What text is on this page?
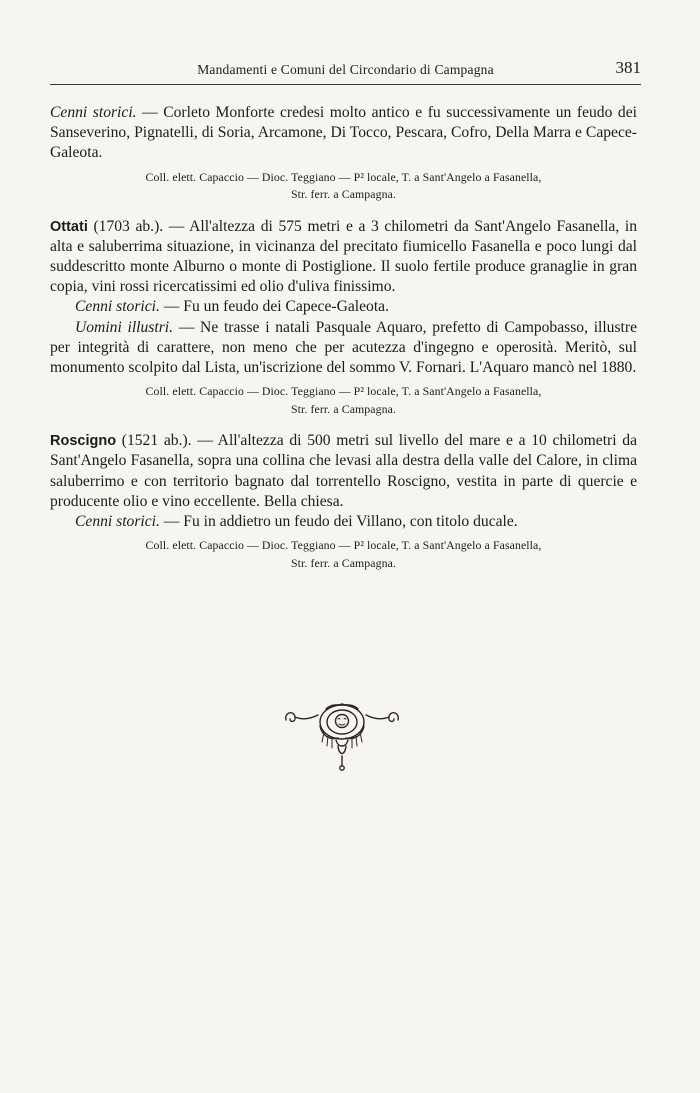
Mandamenti e Comuni del Circondario di Campagna	381

Cenni storici. — Corleto Monforte credesi molto antico e fu successivamente un feudo dei Sanseverino, Pignatelli, di Soria, Arcamone, Di Tocco, Pescara, Cofro, Della Marra e Capece-Galeota.

Coll. elett. Capaccio — Dioc. Teggiano — P² locale, T. a Sant'Angelo a Fasanella,
Str. ferr. a Campagna.

Ottati (1703 ab.). — All'altezza di 575 metri e a 3 chilometri da Sant'Angelo Fasanella, in alta e saluberrima situazione, in vicinanza del precitato fiumicello Fasanella e poco lungi dal suddescritto monte Alburno o monte di Postiglione. Il suolo fertile produce granaglie in gran copia, vini rossi ricercatissimi ed olio d'uliva finissimo.

Cenni storici. — Fu un feudo dei Capece-Galeota.

Uomini illustri. — Ne trasse i natali Pasquale Aquaro, prefetto di Campobasso, illustre per integrità di carattere, non meno che per acutezza d'ingegno e operosità. Meritò, sul monumento scolpito dal Lista, un'iscrizione del sommo V. Fornari. L'Aquaro mancò nel 1880.

Coll. elett. Capaccio — Dioc. Teggiano — P² locale, T. a Sant'Angelo a Fasanella,
Str. ferr. a Campagna.

Roscigno (1521 ab.). — All'altezza di 500 metri sul livello del mare e a 10 chilometri da Sant'Angelo Fasanella, sopra una collina che levasi alla destra della valle del Calore, in clima saluberrimo e con territorio bagnato dal torrentello Roscigno, vestita in parte di quercie e producente olio e vino eccellente. Bella chiesa.

Cenni storici. — Fu in addietro un feudo dei Villano, con titolo ducale.

Coll. elett. Capaccio — Dioc. Teggiano — P² locale, T. a Sant'Angelo a Fasanella,
Str. ferr. a Campagna.
